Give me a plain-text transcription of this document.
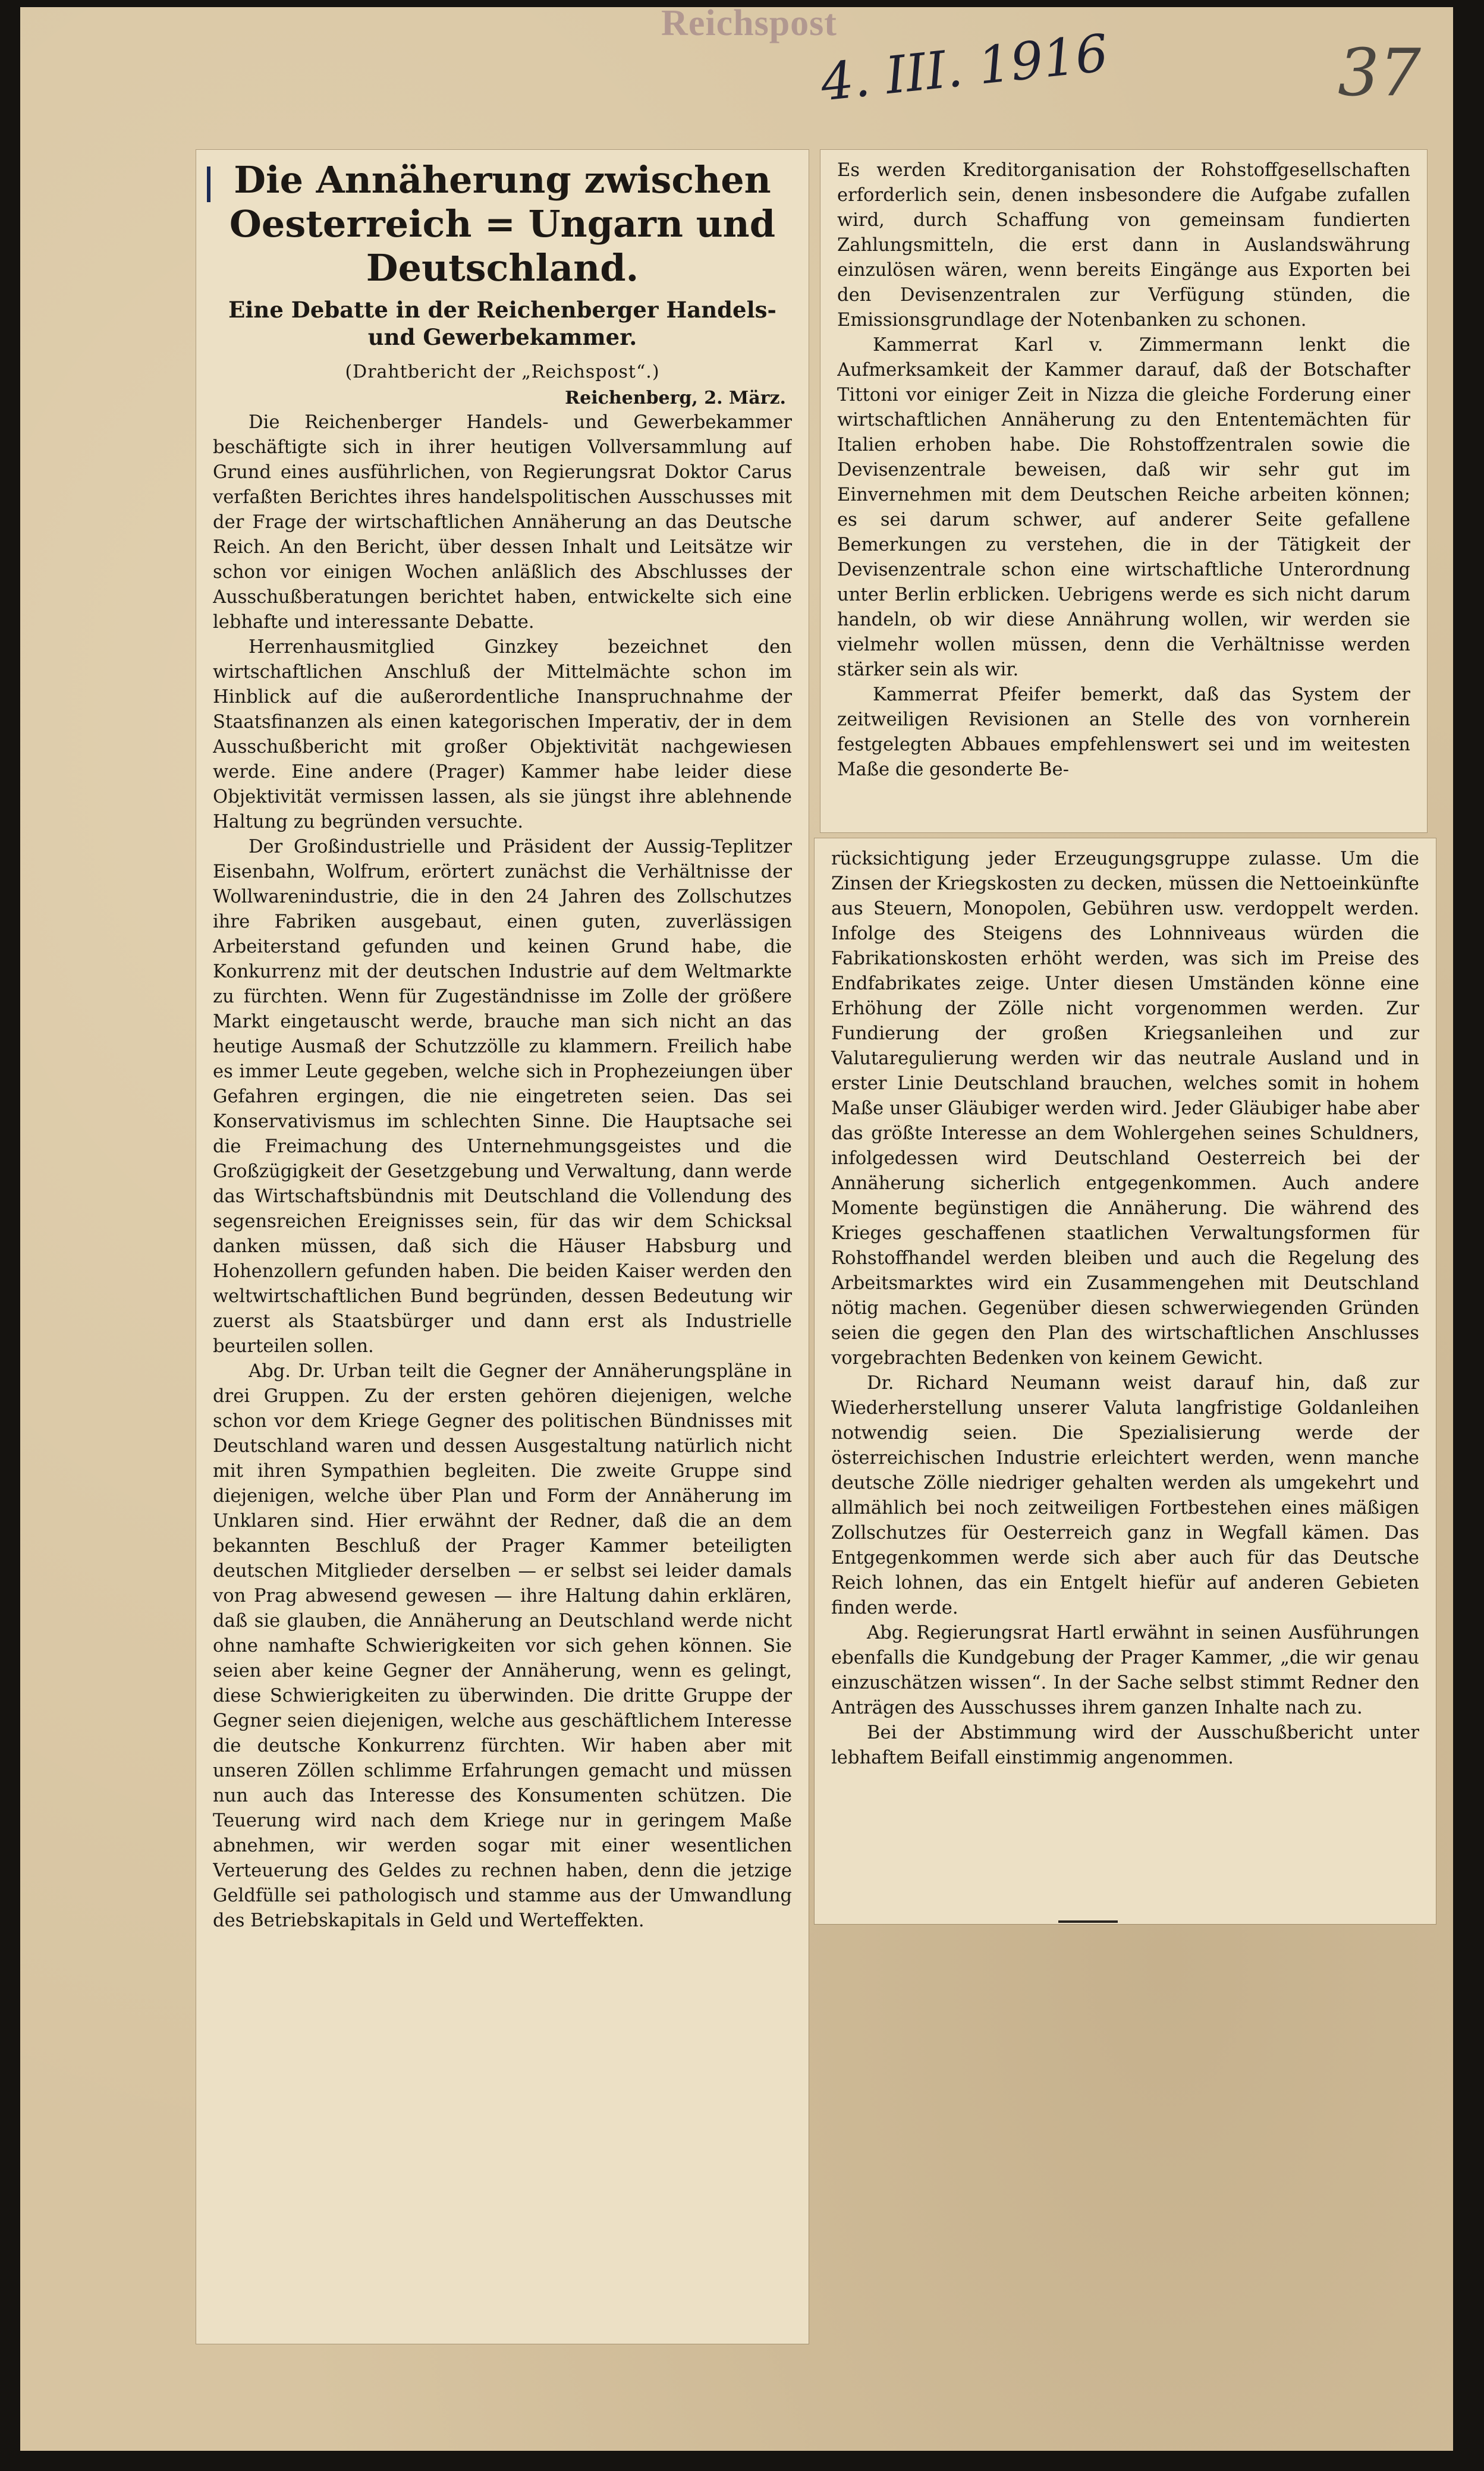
Reichspost
4. III. 1916	37
Die Annäherung zwischen Oesterreich = Ungarn und Deutschland.
Eine Debatte in der Reichenberger Handels- und Gewerbekammer.
(Drahtbericht der „Reichspost“.)
Reichenberg, 2. März.

Die Reichenberger Handels- und Gewerbekammer beschäftigte sich in ihrer heutigen Vollversammlung auf Grund eines ausführlichen, von Regierungsrat Doktor Carus verfaßten Berichtes ihres handelspolitischen Ausschusses mit der Frage der wirtschaftlichen Annäherung an das Deutsche Reich. An den Bericht, über dessen Inhalt und Leitsätze wir schon vor einigen Wochen anläßlich des Abschlusses der Ausschußberatungen berichtet haben, entwickelte sich eine lebhafte und interessante Debatte.

Herrenhausmitglied Ginzkey bezeichnet den wirtschaftlichen Anschluß der Mittelmächte schon im Hinblick auf die außerordentliche Inanspruchnahme der Staatsfinanzen als einen kategorischen Imperativ, der in dem Ausschußbericht mit großer Objektivität nachgewiesen werde. Eine andere (Prager) Kammer habe leider diese Objektivität vermissen lassen, als sie jüngst ihre ablehnende Haltung zu begründen versuchte.

Der Großindustrielle und Präsident der Aussig-Teplitzer Eisenbahn, Wolfrum, erörtert zunächst die Verhältnisse der Wollwarenindustrie, die in den 24 Jahren des Zollschutzes ihre Fabriken ausgebaut, einen guten, zuverlässigen Arbeiterstand gefunden und keinen Grund habe, die Konkurrenz mit der deutschen Industrie auf dem Weltmarkte zu fürchten. Wenn für Zugeständnisse im Zolle der größere Markt eingetauscht werde, brauche man sich nicht an das heutige Ausmaß der Schutzzölle zu klammern. Freilich habe es immer Leute gegeben, welche sich in Prophezeiungen über Gefahren ergingen, die nie eingetreten seien. Das sei Konservativismus im schlechten Sinne. Die Hauptsache sei die Freimachung des Unternehmungsgeistes und die Großzügigkeit der Gesetzgebung und Verwaltung, dann werde das Wirtschaftsbündnis mit Deutschland die Vollendung des segensreichen Ereignisses sein, für das wir dem Schicksal danken müssen, daß sich die Häuser Habsburg und Hohenzollern gefunden haben. Die beiden Kaiser werden den weltwirtschaftlichen Bund begründen, dessen Bedeutung wir zuerst als Staatsbürger und dann erst als Industrielle beurteilen sollen.

Abg. Dr. Urban teilt die Gegner der Annäherungspläne in drei Gruppen. Zu der ersten gehören diejenigen, welche schon vor dem Kriege Gegner des politischen Bündnisses mit Deutschland waren und dessen Ausgestaltung natürlich nicht mit ihren Sympathien begleiten. Die zweite Gruppe sind diejenigen, welche über Plan und Form der Annäherung im Unklaren sind. Hier erwähnt der Redner, daß die an dem bekannten Beschluß der Prager Kammer beteiligten deutschen Mitglieder derselben — er selbst sei leider damals von Prag abwesend gewesen — ihre Haltung dahin erklären, daß sie glauben, die Annäherung an Deutschland werde nicht ohne namhafte Schwierigkeiten vor sich gehen können. Sie seien aber keine Gegner der Annäherung, wenn es gelingt, diese Schwierigkeiten zu überwinden. Die dritte Gruppe der Gegner seien diejenigen, welche aus geschäftlichem Interesse die deutsche Konkurrenz fürchten. Wir haben aber mit unseren Zöllen schlimme Erfahrungen gemacht und müssen nun auch das Interesse des Konsumenten schützen. Die Teuerung wird nach dem Kriege nur in geringem Maße abnehmen, wir werden sogar mit einer wesentlichen Verteuerung des Geldes zu rechnen haben, denn die jetzige Geldfülle sei pathologisch und stamme aus der Umwandlung des Betriebskapitals in Geld und Werteffekten.

Es werden Kreditorganisation der Rohstoffgesellschaften erforderlich sein, denen insbesondere die Aufgabe zufallen wird, durch Schaffung von gemeinsam fundierten Zahlungsmitteln, die erst dann in Auslandswährung einzulösen wären, wenn bereits Eingänge aus Exporten bei den Devisenzentralen zur Verfügung stünden, die Emissionsgrundlage der Notenbanken zu schonen.

Kammerrat Karl v. Zimmermann lenkt die Aufmerksamkeit der Kammer darauf, daß der Botschafter Tittoni vor einiger Zeit in Nizza die gleiche Forderung einer wirtschaftlichen Annäherung zu den Ententemächten für Italien erhoben habe. Die Rohstoffzentralen sowie die Devisenzentrale beweisen, daß wir sehr gut im Einvernehmen mit dem Deutschen Reiche arbeiten können; es sei darum schwer, auf anderer Seite gefallene Bemerkungen zu verstehen, die in der Tätigkeit der Devisenzentrale schon eine wirtschaftliche Unterordnung unter Berlin erblicken. Uebrigens werde es sich nicht darum handeln, ob wir diese Annährung wollen, wir werden sie vielmehr wollen müssen, denn die Verhältnisse werden stärker sein als wir.

Kammerrat Pfeifer bemerkt, daß das System der zeitweiligen Revisionen an Stelle des von vornherein festgelegten Abbaues empfehlenswert sei und im weitesten Maße die gesonderte Be-

rücksichtigung jeder Erzeugungsgruppe zulasse. Um die Zinsen der Kriegskosten zu decken, müssen die Nettoeinkünfte aus Steuern, Monopolen, Gebühren usw. verdoppelt werden. Infolge des Steigens des Lohnniveaus würden die Fabrikationskosten erhöht werden, was sich im Preise des Endfabrikates zeige. Unter diesen Umständen könne eine Erhöhung der Zölle nicht vorgenommen werden. Zur Fundierung der großen Kriegsanleihen und zur Valutaregulierung werden wir das neutrale Ausland und in erster Linie Deutschland brauchen, welches somit in hohem Maße unser Gläubiger werden wird. Jeder Gläubiger habe aber das größte Interesse an dem Wohlergehen seines Schuldners, infolgedessen wird Deutschland Oesterreich bei der Annäherung sicherlich entgegenkommen. Auch andere Momente begünstigen die Annäherung. Die während des Krieges geschaffenen staatlichen Verwaltungsformen für Rohstoffhandel werden bleiben und auch die Regelung des Arbeitsmarktes wird ein Zusammengehen mit Deutschland nötig machen. Gegenüber diesen schwerwiegenden Gründen seien die gegen den Plan des wirtschaftlichen Anschlusses vorgebrachten Bedenken von keinem Gewicht.

Dr. Richard Neumann weist darauf hin, daß zur Wiederherstellung unserer Valuta langfristige Goldanleihen notwendig seien. Die Spezialisierung werde der österreichischen Industrie erleichtert werden, wenn manche deutsche Zölle niedriger gehalten werden als umgekehrt und allmählich bei noch zeitweiligen Fortbestehen eines mäßigen Zollschutzes für Oesterreich ganz in Wegfall kämen. Das Entgegenkommen werde sich aber auch für das Deutsche Reich lohnen, das ein Entgelt hiefür auf anderen Gebieten finden werde.

Abg. Regierungsrat Hartl erwähnt in seinen Ausführungen ebenfalls die Kundgebung der Prager Kammer, „die wir genau einzuschätzen wissen“. In der Sache selbst stimmt Redner den Anträgen des Ausschusses ihrem ganzen Inhalte nach zu.

Bei der Abstimmung wird der Ausschußbericht unter lebhaftem Beifall einstimmig angenommen.
